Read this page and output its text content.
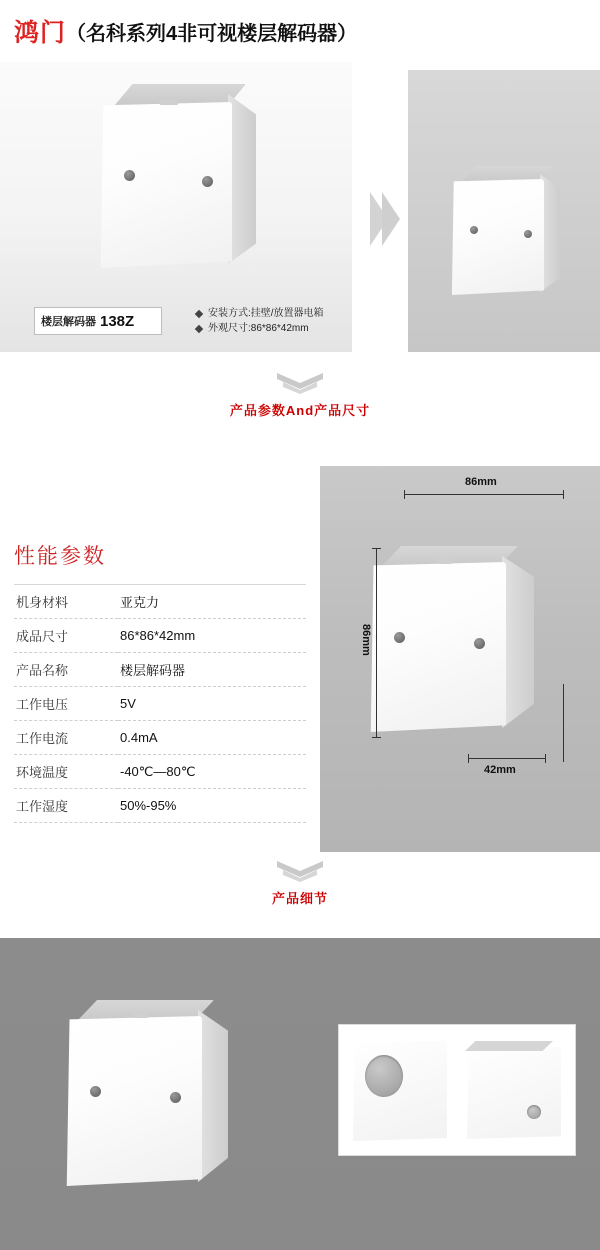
鸿门 （ 名科系列4非可视楼层解码器 ）
楼层解码器 138Z	安装方式:挂壁/放置器电箱
外观尺寸:86*86*42mm
产品参数And产品尺寸
性能参数
机身材料	亚克力
成品尺寸	86*86*42mm
产品名称	楼层解码器
工作电压	5V
工作电流	0.4mA
环境温度	-40℃—80℃
工作湿度	50%-95%
86mm
86mm
42mm
产品细节
